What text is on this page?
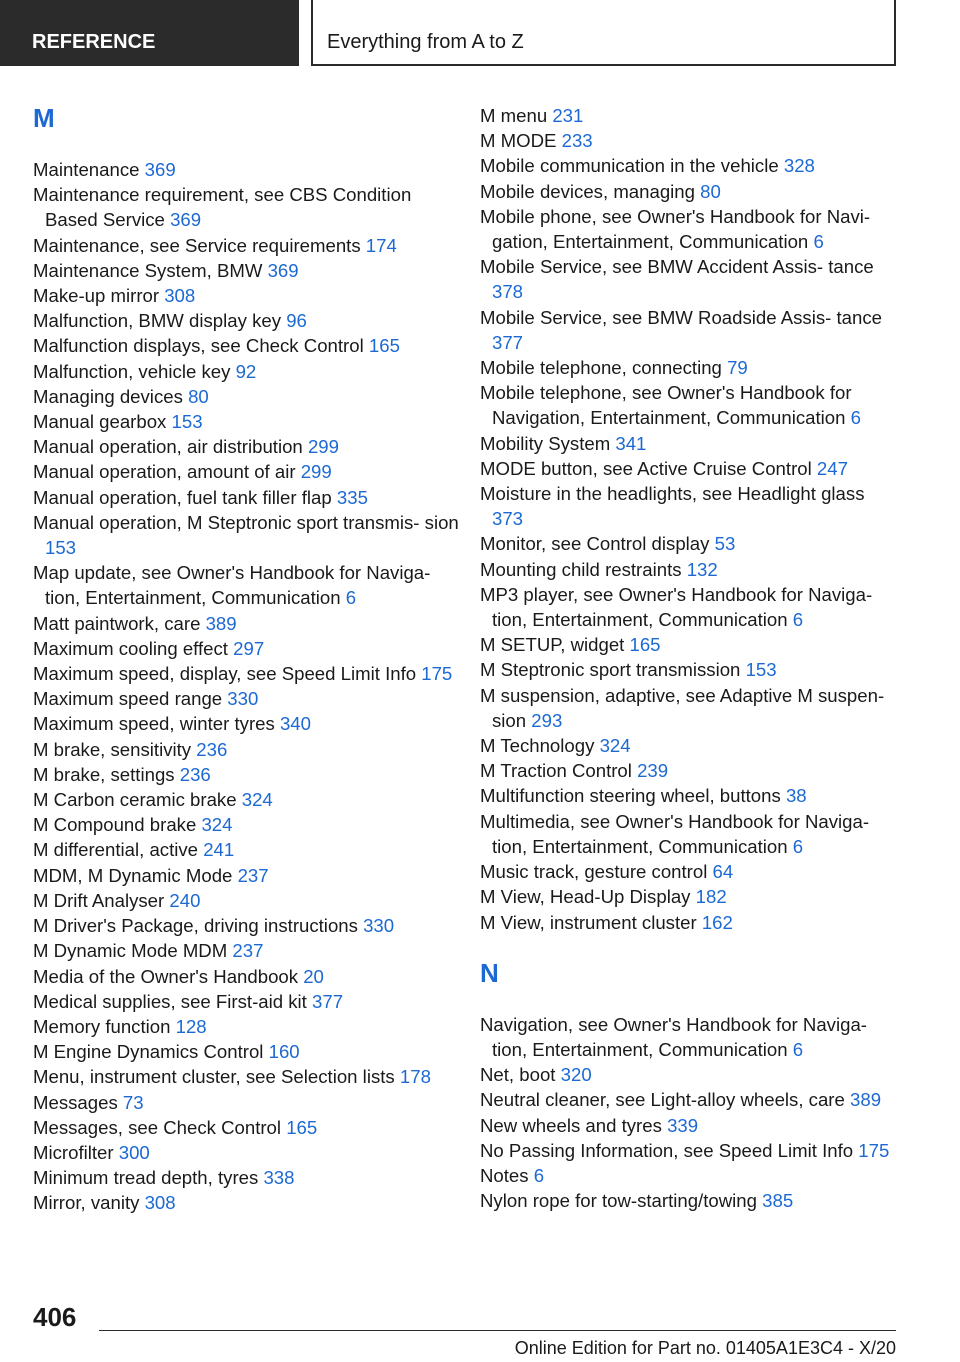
REFERENCE	Everything from A to Z
M

Maintenance 369

Maintenance requirement, see CBS Condition Based Service 369

Maintenance, see Service requirements 174

Maintenance System, BMW 369

Make-up mirror 308

Malfunction, BMW display key 96

Malfunction displays, see Check Control 165

Malfunction, vehicle key 92

Managing devices 80

Manual gearbox 153

Manual operation, air distribution 299

Manual operation, amount of air 299

Manual operation, fuel tank filler flap 335

Manual operation, M Steptronic sport transmis- sion 153

Map update, see Owner's Handbook for Naviga- tion, Entertainment, Communication 6

Matt paintwork, care 389

Maximum cooling effect 297

Maximum speed, display, see Speed Limit Info 175

Maximum speed range 330

Maximum speed, winter tyres 340

M brake, sensitivity 236

M brake, settings 236

M Carbon ceramic brake 324

M Compound brake 324

M differential, active 241

MDM, M Dynamic Mode 237

M Drift Analyser 240

M Driver's Package, driving instructions 330

M Dynamic Mode MDM 237

Media of the Owner's Handbook 20

Medical supplies, see First-aid kit 377

Memory function 128

M Engine Dynamics Control 160

Menu, instrument cluster, see Selection lists 178

Messages 73

Messages, see Check Control 165

Microfilter 300

Minimum tread depth, tyres 338

Mirror, vanity 308

M menu 231

M MODE 233

Mobile communication in the vehicle 328

Mobile devices, managing 80

Mobile phone, see Owner's Handbook for Navi- gation, Entertainment, Communication 6

Mobile Service, see BMW Accident Assis- tance 378

Mobile Service, see BMW Roadside Assis- tance 377

Mobile telephone, connecting 79

Mobile telephone, see Owner's Handbook for Navigation, Entertainment, Communication 6

Mobility System 341

MODE button, see Active Cruise Control 247

Moisture in the headlights, see Headlight glass 373

Monitor, see Control display 53

Mounting child restraints 132

MP3 player, see Owner's Handbook for Naviga- tion, Entertainment, Communication 6

M SETUP, widget 165

M Steptronic sport transmission 153

M suspension, adaptive, see Adaptive M suspen- sion 293

M Technology 324

M Traction Control 239

Multifunction steering wheel, buttons 38

Multimedia, see Owner's Handbook for Naviga- tion, Entertainment, Communication 6

Music track, gesture control 64

M View, Head-Up Display 182

M View, instrument cluster 162

N

Navigation, see Owner's Handbook for Naviga- tion, Entertainment, Communication 6

Net, boot 320

Neutral cleaner, see Light-alloy wheels, care 389

New wheels and tyres 339

No Passing Information, see Speed Limit Info 175

Notes 6

Nylon rope for tow-starting/towing 385

406
Online Edition for Part no. 01405A1E3C4 - X/20
